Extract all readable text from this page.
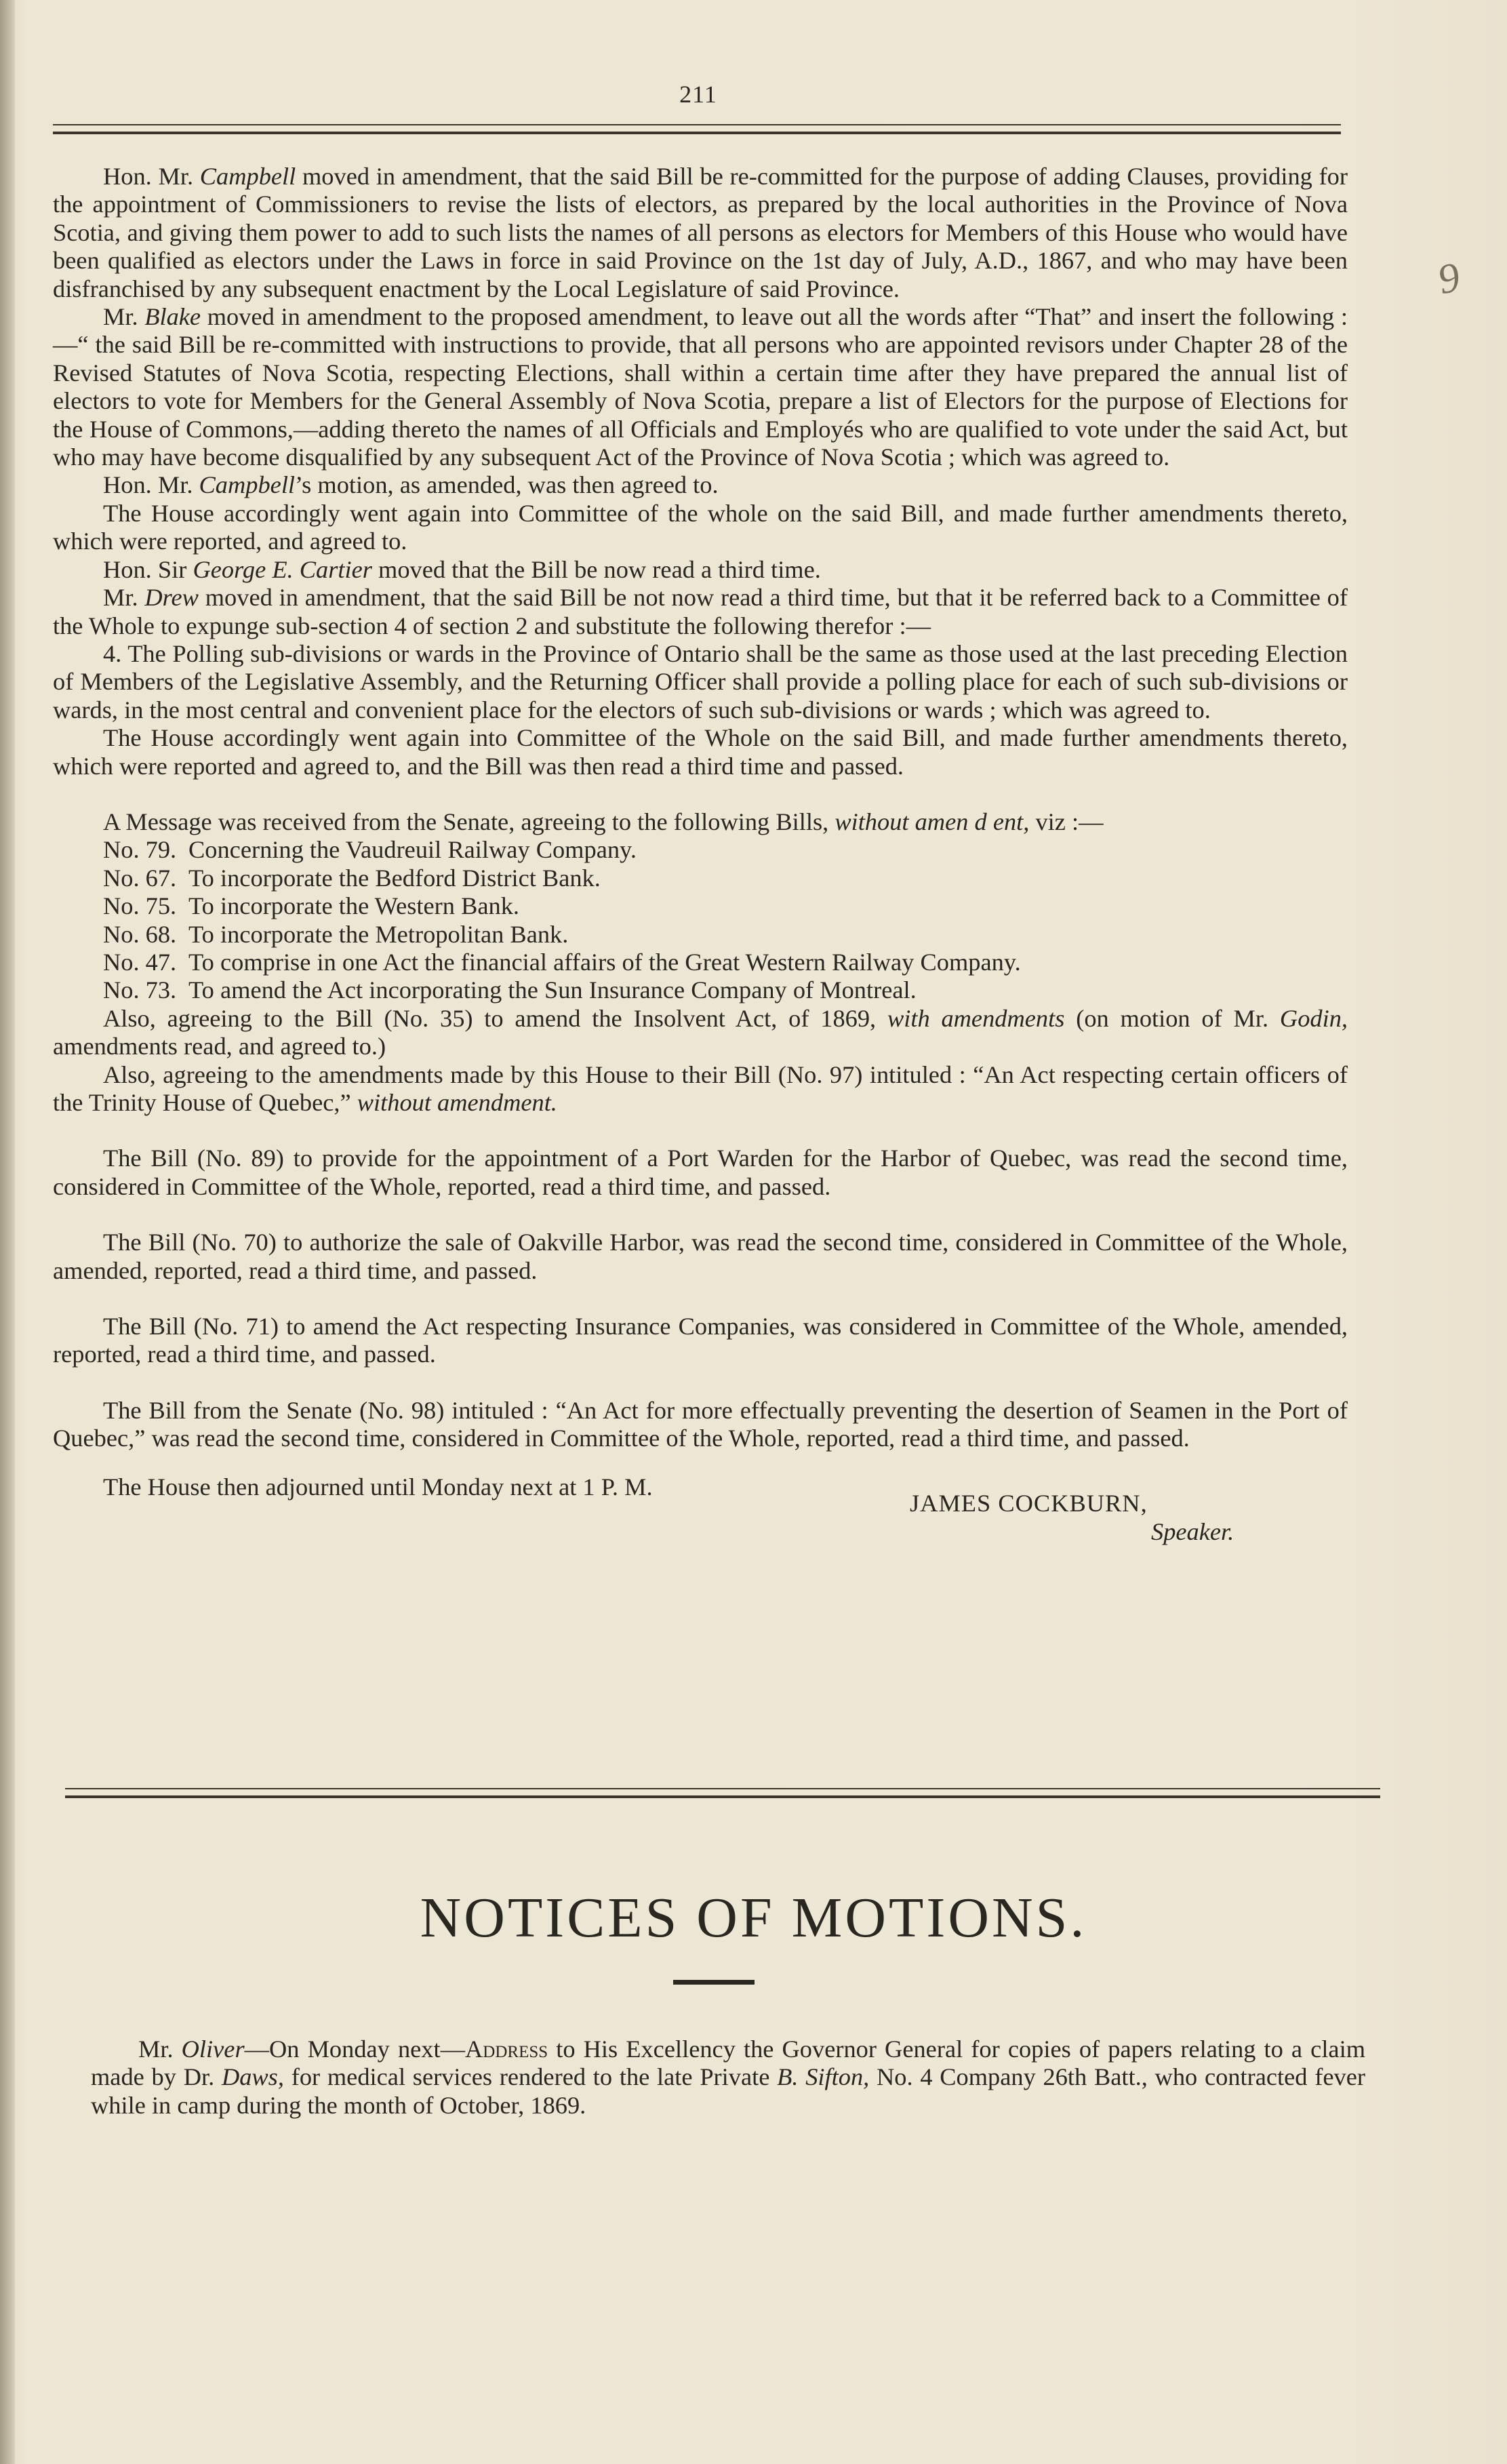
211
9

Hon. Mr. Campbell moved in amendment, that the said Bill be re-committed for the purpose of adding Clauses, providing for the appointment of Commissioners to revise the lists of electors, as prepared by the local authorities in the Province of Nova Scotia, and giving them power to add to such lists the names of all persons as electors for Members of this House who would have been qualified as electors under the Laws in force in said Province on the 1st day of July, A.D., 1867, and who may have been disfranchised by any subsequent enactment by the Local Legislature of said Province.

Mr. Blake moved in amendment to the proposed amendment, to leave out all the words after “That” and insert the following :—“ the said Bill be re-committed with instructions to provide, that all persons who are appointed revisors under Chapter 28 of the Revised Statutes of Nova Scotia, respecting Elections, shall within a certain time after they have prepared the annual list of electors to vote for Members for the General Assembly of Nova Scotia, prepare a list of Electors for the purpose of Elections for the House of Commons,—adding thereto the names of all Officials and Employés who are qualified to vote under the said Act, but who may have become disqualified by any subsequent Act of the Province of Nova Scotia ; which was agreed to.

Hon. Mr. Campbell’s motion, as amended, was then agreed to.

The House accordingly went again into Committee of the whole on the said Bill, and made further amendments thereto, which were reported, and agreed to.

Hon. Sir George E. Cartier moved that the Bill be now read a third time.

Mr. Drew moved in amendment, that the said Bill be not now read a third time, but that it be referred back to a Committee of the Whole to expunge sub-section 4 of section 2 and substitute the following therefor :—

4. The Polling sub-divisions or wards in the Province of Ontario shall be the same as those used at the last preceding Election of Members of the Legislative Assembly, and the Returning Officer shall provide a polling place for each of such sub-divisions or wards, in the most central and convenient place for the electors of such sub-divisions or wards ; which was agreed to.

The House accordingly went again into Committee of the Whole on the said Bill, and made further amendments thereto, which were reported and agreed to, and the Bill was then read a third time and passed.

A Message was received from the Senate, agreeing to the following Bills, without amen d ent, viz :—

No. 79. Concerning the Vaudreuil Railway Company.

No. 67. To incorporate the Bedford District Bank.

No. 75. To incorporate the Western Bank.

No. 68. To incorporate the Metropolitan Bank.

No. 47. To comprise in one Act the financial affairs of the Great Western Railway Company.

No. 73. To amend the Act incorporating the Sun Insurance Company of Montreal.

Also, agreeing to the Bill (No. 35) to amend the Insolvent Act, of 1869, with amendments (on motion of Mr. Godin, amendments read, and agreed to.)

Also, agreeing to the amendments made by this House to their Bill (No. 97) intituled : “An Act respecting certain officers of the Trinity House of Quebec,” without amendment.

The Bill (No. 89) to provide for the appointment of a Port Warden for the Harbor of Quebec, was read the second time, considered in Committee of the Whole, reported, read a third time, and passed.

The Bill (No. 70) to authorize the sale of Oakville Harbor, was read the second time, considered in Committee of the Whole, amended, reported, read a third time, and passed.

The Bill (No. 71) to amend the Act respecting Insurance Companies, was considered in Committee of the Whole, amended, reported, read a third time, and passed.

The Bill from the Senate (No. 98) intituled : “An Act for more effectually preventing the desertion of Seamen in the Port of Quebec,” was read the second time, considered in Committee of the Whole, reported, read a third time, and passed.

The House then adjourned until Monday next at 1 P. M.
JAMES COCKBURN,
Speaker.
NOTICES OF MOTIONS.

Mr. Oliver—On Monday next—Address to His Excellency the Governor General for copies of papers relating to a claim made by Dr. Daws, for medical services rendered to the late Private B. Sifton, No. 4 Company 26th Batt., who contracted fever while in camp during the month of October, 1869.
